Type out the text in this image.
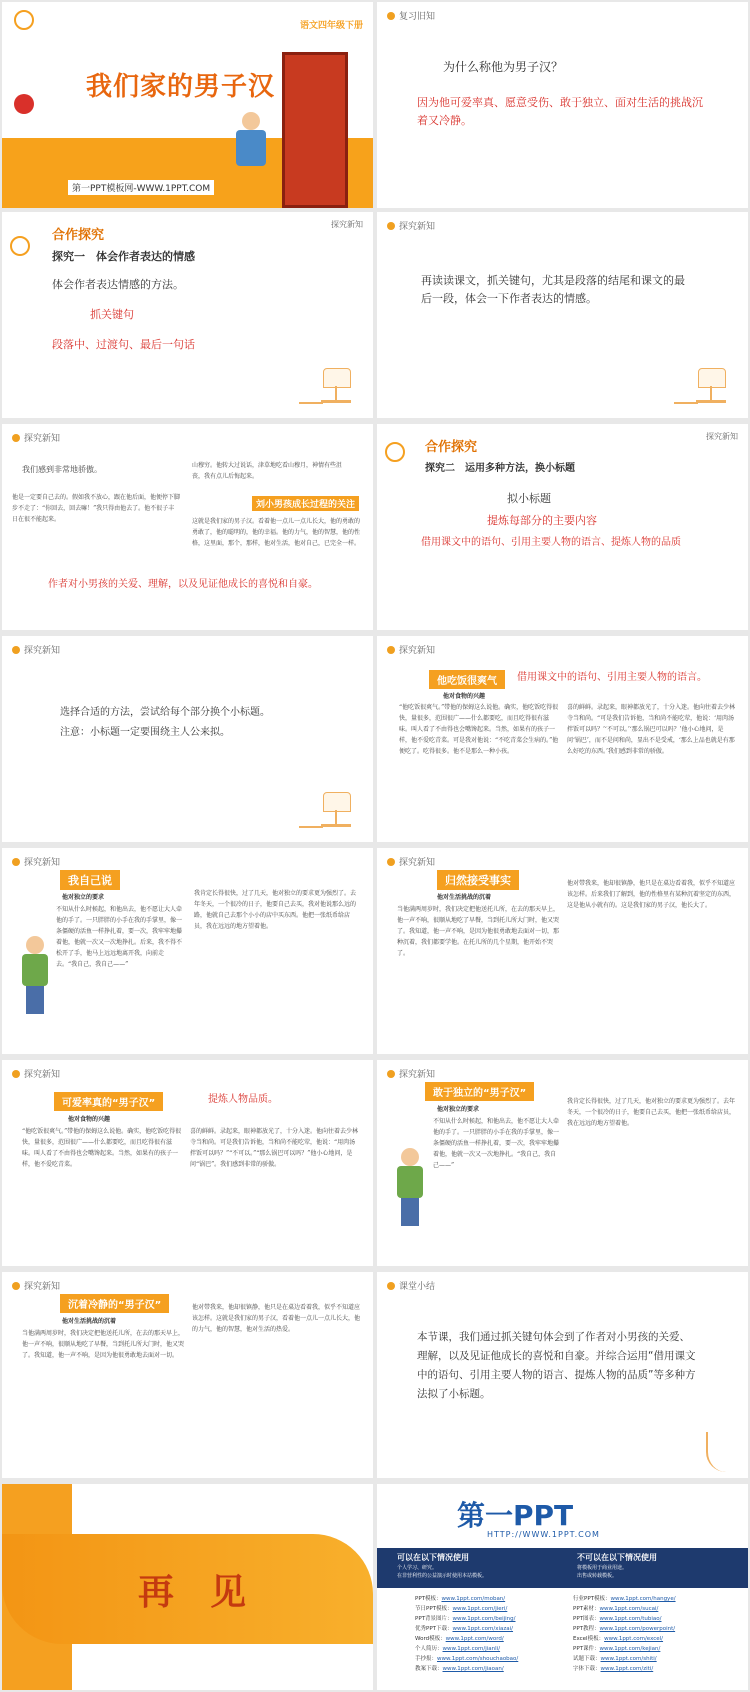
语文四年级下册
我们家的男子汉
第一PPT模板网-WWW.1PPT.COM
复习旧知
为什么称他为男子汉？
因为他可爱率真、愿意受伤、敢于独立、面对生活的挑战沉着又冷静。
合作探究
探究新知
探究一　体会作者表达的情感
体会作者表达情感的方法。
抓关键句
段落中、过渡句、最后一句话
探究新知
再读读课文，抓关键句，尤其是段落的结尾和课文的最后一段，体会一下作者表达的情感。
探究新知
我们感到非常地骄傲。
他是一定要自己去的。假如我不放心，跟在他后面，他便停下脚步不走了：“你回去，回去嘛！”我只得由他去了。他不很子丰日在很不能起来。
山穆穷。他转大过说话，津草地吃看山穆月，神情有些沮丧，我有点儿后悔起来。
刘小男孩成长过程的关注
这就是我们家的男子汉。看着他一点儿一点儿长大，他的勇敢的勇敢了，他的聪明的，他的幸福。他的力气，他的智慧，他的性格，这里面，那个，那样，他对生活，他对自己，已完全一样。
作者对小男孩的关爱、理解，以及见证他成长的喜悦和自豪。
合作探究
探究新知
探究二　运用多种方法，换小标题
拟小标题
提炼每部分的主要内容
借用课文中的语句、引用主要人物的语言、提炼人物的品质
探究新知
选择合适的方法，尝试给每个部分换个小标题。
注意：小标题一定要围绕主人公来拟。
探究新知
他吃饭很爽气	借用课文中的语句、引用主要人物的语言。
他对食物的兴趣
“他吃饭很爽气。”带他的保姆这么说他。确实，他吃饭吃得很快，量很多，范围很广——什么都要吃，而且吃得很有滋味。叫人看了不由得也会嘴馋起来。当然，如果有的孩子一样，他不爱吃青菜。可是我对他说：“不吃青菜会生病的。”他便吃了。吃得很多。他不是那么一种小孩。
喜的鲜鲜。录起来，眼神都放光了，十分入迷。他向往着去少林寺当和尚。“可是我们告诉他，当和尚不能吃荤，他说：‘用肉汤拌饭可以吗？’‘不可以。’‘那么锅巴可以吗？’他小心地问，是问‘锅巴’，而不是问和尚，显出不是受戒，‘那么上品也就是有那么好吃的东西。’我们感到非常的骄傲。
探究新知
我自己说
他对独立的要求
不知从什么时候起，和他出去，他不愿让大人牵他的手了。一只胖胖的小手在我的手掌里，像一条僵硬的活鱼一样挣扎着，要一次，我牢牢地攥着他，他就一次又一次地挣扎。后来，我不得不松开了手，他马上远远地离开我，向前走去。“我自己，我自己——”
我肯定长得很快，过了几天，他对独立的要求更为强烈了。去年冬天，一个很冷的日子，他要自己去买，我对他说那么远的路，他就自己去那个小小的店中买东西。他把一张纸币给店员，我在远远的地方望着他。
探究新知
归然接受事实
他对生活挑战的沉着
当他满两周岁时，我们决定把他送托儿所，在去的那天早上，他一声不响，很顺从地吃了早餐，当到托儿所大门时，他又哭了。我知道，他一声不响，是因为他很勇敢地去面对一切，那种沉着，我们都要学他。在托儿所的几个星期，他开始不哭了。
他对带我来，他却很镇静，他只是在桌边看着我，似乎不知道应该怎样。后来我们了解到，他的性格里有某种沉着坚定的东西，这是他从小就有的。这是我们家的男子汉，他长大了。
探究新知
可爱率真的“男子汉”	提炼人物品质。
他对食物的兴趣
“他吃饭很爽气。”带他的保姆这么说他。确实，他吃饭吃得很快，量很多，范围很广——什么都要吃，而且吃得很有滋味。叫人看了不由得也会嘴馋起来。当然，如果有的孩子一样，他不爱吃青菜。
喜的鲜鲜。录起来，眼神都放光了，十分入迷。他向往着去少林寺当和尚。可是我们告诉他，当和尚不能吃荤，他说：“用肉汤拌饭可以吗？”“不可以。”“那么锅巴可以吗？”他小心地问，是问“锅巴”。我们感到非常的骄傲。
探究新知
敢于独立的“男子汉”
他对独立的要求
不知从什么时候起，和他出去，他不愿让大人牵他的手了。一只胖胖的小手在我的手掌里，像一条僵硬的活鱼一样挣扎着，要一次，我牢牢地攥着他，他就一次又一次地挣扎。“我自己，我自己——”
我肯定长得很快，过了几天，他对独立的要求更为强烈了。去年冬天，一个很冷的日子，他要自己去买，他把一张纸币给店员，我在远远的地方望着他。
探究新知
沉着冷静的“男子汉”
他对生活挑战的沉着
当他满两周岁时，我们决定把他送托儿所，在去的那天早上，他一声不响，很顺从地吃了早餐，当到托儿所大门时，他又哭了。我知道，他一声不响，是因为他很勇敢地去面对一切。
他对带我来，他却很镇静，他只是在桌边看着我，似乎不知道应该怎样。这就是我们家的男子汉，看着他一点儿一点儿长大，他的力气，他的智慧，他对生活的热爱。
课堂小结
本节课，我们通过抓关键句体会到了作者对小男孩的关爱、理解，以及见证他成长的喜悦和自豪。并综合运用“借用课文中的语句、引用主要人物的语言、提炼人物的品质”等多种方法拟了小标题。
再　见
第一PPT
HTTP://WWW.1PPT.COM
可以在以下情况使用
个人学习、研究。
在非营利性的公益演示时使用本站模板。
不可以在以下情况使用
将模板用于商业用途。
出售或转载模板。
PPT模板：www.1ppt.com/moban/
节日PPT模板：www.1ppt.com/jieri/
PPT背景图片：www.1ppt.com/beijing/
优秀PPT下载：www.1ppt.com/xiazai/
Word模板：www.1ppt.com/word/
个人简历：www.1ppt.com/jianli/
手抄报：www.1ppt.com/shouchaobao/
教案下载：www.1ppt.com/jiaoan/
行业PPT模板：www.1ppt.com/hangye/
PPT素材：www.1ppt.com/sucai/
PPT图表：www.1ppt.com/tubiao/
PPT教程：www.1ppt.com/powerpoint/
Excel模板：www.1ppt.com/excel/
PPT课件：www.1ppt.com/kejian/
试题下载：www.1ppt.com/shiti/
字体下载：www.1ppt.com/ziti/
